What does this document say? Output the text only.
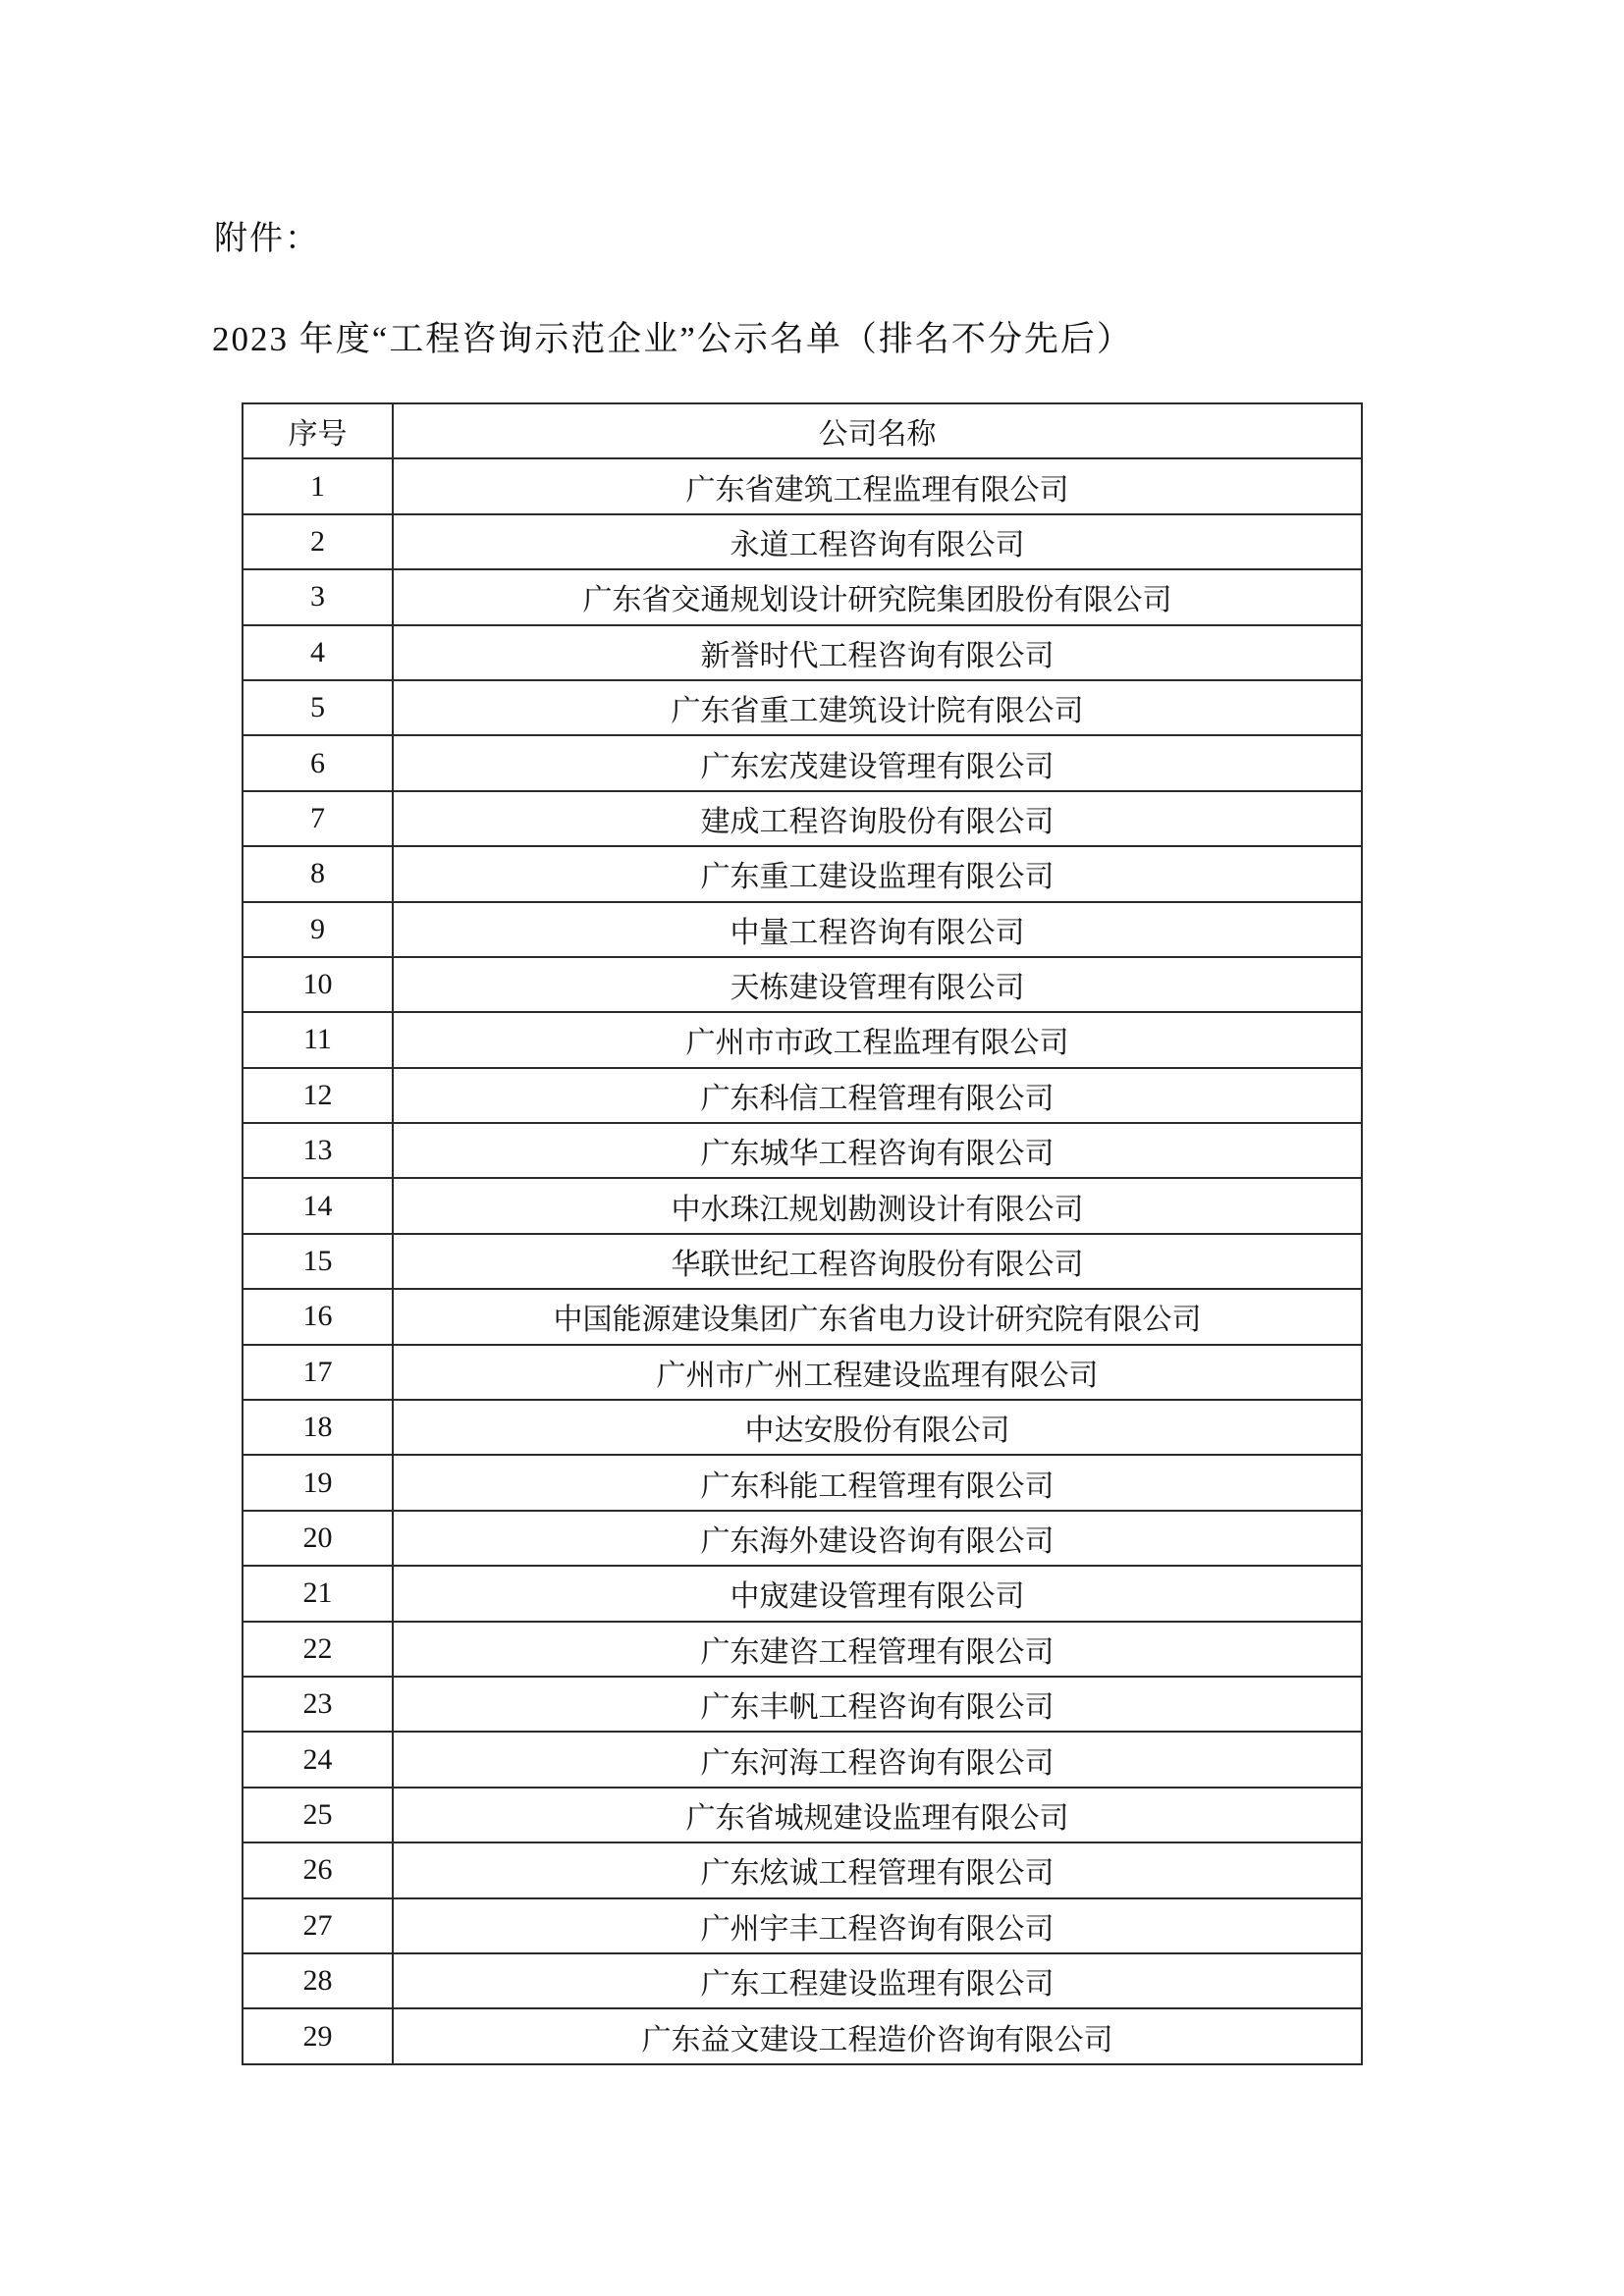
附件：
2023 年度“工程咨询示范企业”公示名单（排名不分先后）
序号	公司名称
1	广东省建筑工程监理有限公司
2	永道工程咨询有限公司
3	广东省交通规划设计研究院集团股份有限公司
4	新誉时代工程咨询有限公司
5	广东省重工建筑设计院有限公司
6	广东宏茂建设管理有限公司
7	建成工程咨询股份有限公司
8	广东重工建设监理有限公司
9	中量工程咨询有限公司
10	天栋建设管理有限公司
11	广州市市政工程监理有限公司
12	广东科信工程管理有限公司
13	广东城华工程咨询有限公司
14	中水珠江规划勘测设计有限公司
15	华联世纪工程咨询股份有限公司
16	中国能源建设集团广东省电力设计研究院有限公司
17	广州市广州工程建设监理有限公司
18	中达安股份有限公司
19	广东科能工程管理有限公司
20	广东海外建设咨询有限公司
21	中宬建设管理有限公司
22	广东建咨工程管理有限公司
23	广东丰帆工程咨询有限公司
24	广东河海工程咨询有限公司
25	广东省城规建设监理有限公司
26	广东炫诚工程管理有限公司
27	广州宇丰工程咨询有限公司
28	广东工程建设监理有限公司
29	广东益文建设工程造价咨询有限公司
